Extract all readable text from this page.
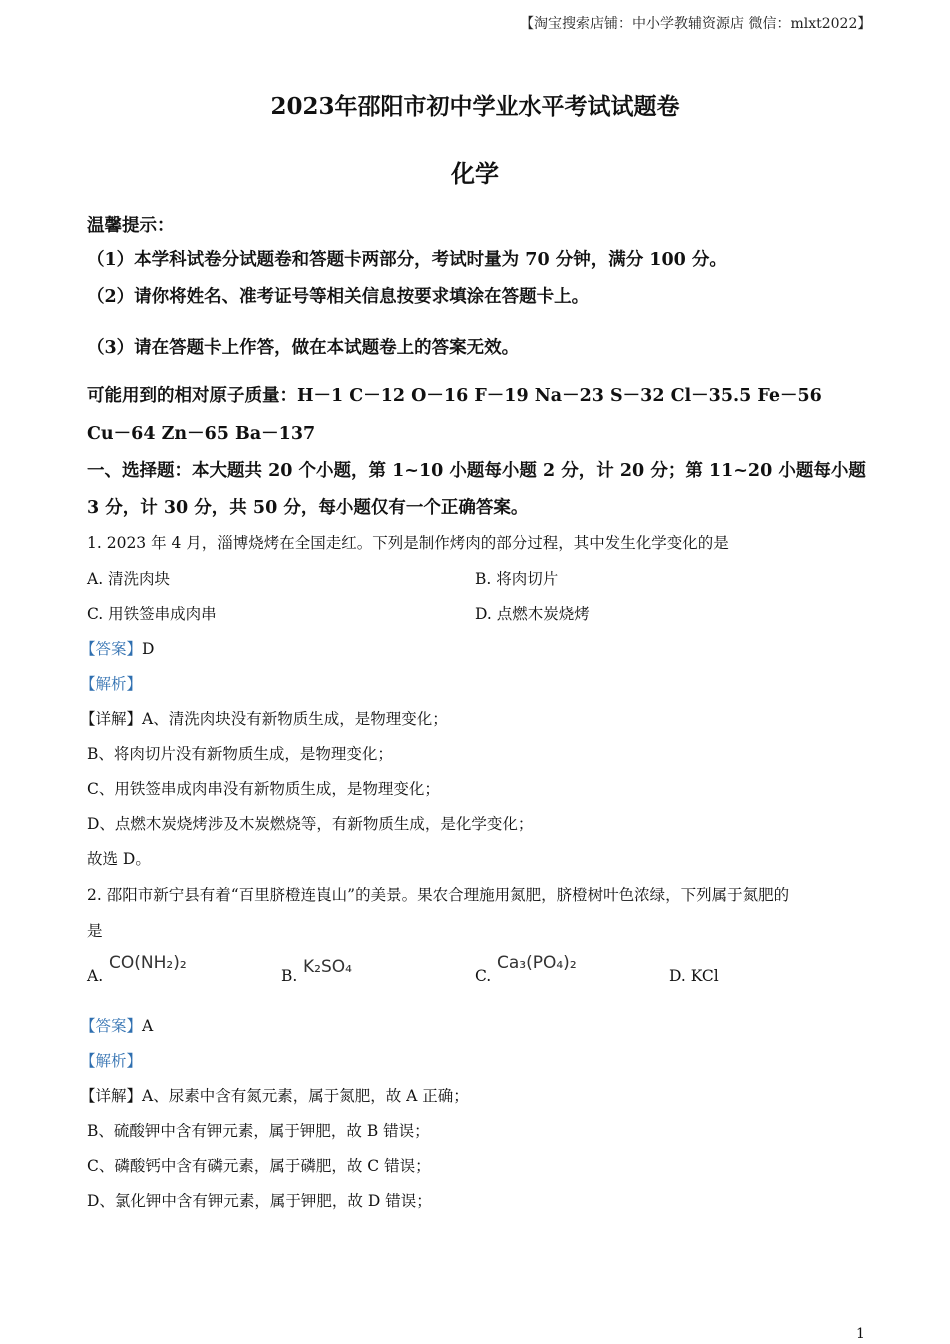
【淘宝搜索店铺：中小学教辅资源店 微信：mlxt2022】
2023年邵阳市初中学业水平考试试题卷
化学
温馨提示：
（1）本学科试卷分试题卷和答题卡两部分，考试时量为 70 分钟，满分 100 分。
（2）请你将姓名、准考证号等相关信息按要求填涂在答题卡上。
（3）请在答题卡上作答，做在本试题卷上的答案无效。
可能用到的相对原子质量：H－1 C－12 O－16 F－19 Na－23 S－32 Cl－35.5 Fe－56
Cu－64 Zn－65 Ba－137
一、选择题：本大题共 20 个小题，第 1~10 小题每小题 2 分，计 20 分；第 11~20 小题每小题
3 分，计 30 分，共 50 分，每小题仅有一个正确答案。
1. 2023 年 4 月，淄博烧烤在全国走红。下列是制作烤肉的部分过程，其中发生化学变化的是
A. 清洗肉块	B. 将肉切片
C. 用铁签串成肉串	D. 点燃木炭烧烤
【答案】D
【解析】
【详解】A、清洗肉块没有新物质生成，是物理变化；
B、将肉切片没有新物质生成，是物理变化；
C、用铁签串成肉串没有新物质生成，是物理变化；
D、点燃木炭烧烤涉及木炭燃烧等，有新物质生成，是化学变化；
故选 D。
2. 邵阳市新宁县有着“百里脐橙连崀山”的美景。果农合理施用氮肥，脐橙树叶色浓绿，下列属于氮肥的
是
A.
CO(NH₂)₂
B. K₂SO₄	C.
Ca₃(PO₄)₂
D. KCl
【答案】A
【解析】
【详解】A、尿素中含有氮元素，属于氮肥，故 A 正确；
B、硫酸钾中含有钾元素，属于钾肥，故 B 错误；
C、磷酸钙中含有磷元素，属于磷肥，故 C 错误；
D、氯化钾中含有钾元素，属于钾肥，故 D 错误；
1
